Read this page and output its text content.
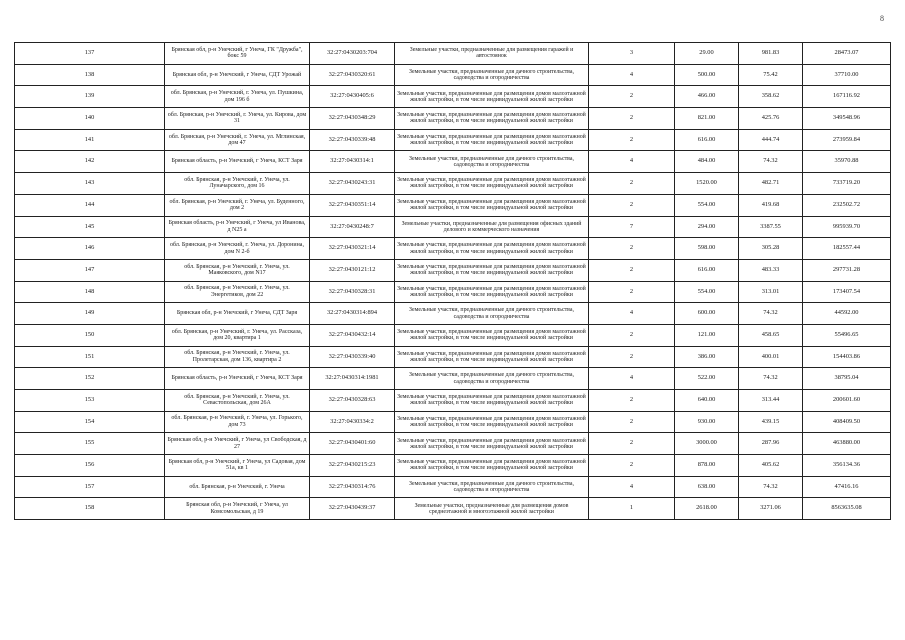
8
137	Брянская обл, р-н Унечский, г Унеча, ГК "Дружба", бокс 59	32:27:0430203:704	Земельные участки, предназначенные для размещения гаражей и автостоянок	3	29.00	981.83	28473.07
138	Брянская обл, р-н Унечский, г Унеча, СДТ Урожай	32:27:0430320:61	Земельные участки, предназначенные для дачного строительства, садоводства и огородничества	4	500.00	75.42	37710.00
139	обл. Брянская, р-н Унечский, г. Унеча, ул. Пушкина, дом 196 б	32:27:0430405:6	Земельные участки, предназначенные для размещения домов малоэтажной жилой застройки, в том числе индивидуальной жилой застройки	2	466.00	358.62	167116.92
140	обл. Брянская, р-н Унечский, г. Унеча, ул. Кирова, дом 31	32:27:0430348:29	Земельные участки, предназначенные для размещения домов малоэтажной жилой застройки, в том числе индивидуальной жилой застройки	2	821.00	425.76	349548.96
141	обл. Брянская, р-н Унечский, г. Унеча, ул. Мглинская, дом 47	32:27:0430339:48	Земельные участки, предназначенные для размещения домов малоэтажной жилой застройки, в том числе индивидуальной жилой застройки	2	616.00	444.74	273959.84
142	Брянская область, р-н Унечский, г Унеча, КСТ Заря	32:27:0430314:1	Земельные участки, предназначенные для дачного строительства, садоводства и огородничества	4	484.00	74.32	35970.88
143	обл. Брянская, р-н Унечский, г. Унеча, ул. Луначарского, дом 16	32:27:0430243:31	Земельные участки, предназначенные для размещения домов малоэтажной жилой застройки, в том числе индивидуальной жилой застройки	2	1520.00	482.71	733719.20
144	обл. Брянская, р-н Унечский, г. Унеча, ул. Буденного, дом 2	32:27:0430351:14	Земельные участки, предназначенные для размещения домов малоэтажной жилой застройки, в том числе индивидуальной жилой застройки	2	554.00	419.68	232502.72
145	Брянская область, р-н Унечский, г Унеча, ул Иванова, д N25 а	32:27:0430248:7	Земельные участки, предназначенные для размещения офисных зданий делового и коммерческого назначения	7	294.00	3387.55	995939.70
146	обл. Брянская, р-н Унечский, г. Унеча, ул. Доронина, дом N 2-б	32:27:0430321:14	Земельные участки, предназначенные для размещения домов малоэтажной жилой застройки, в том числе индивидуальной жилой застройки	2	598.00	305.28	182557.44
147	обл. Брянская, р-н Унечский, г. Унеча, ул. Маяковского, дом N17	32:27:0430121:12	Земельные участки, предназначенные для размещения домов малоэтажной жилой застройки, в том числе индивидуальной жилой застройки	2	616.00	483.33	297731.28
148	обл. Брянская, р-н Унечский, г. Унеча, ул. Энергетиков, дом 22	32:27:0430328:31	Земельные участки, предназначенные для размещения домов малоэтажной жилой застройки, в том числе индивидуальной жилой застройки	2	554.00	313.01	173407.54
149	Брянская обл, р-н Унечский, г Унеча, СДТ Заря	32:27:0430314:894	Земельные участки, предназначенные для дачного строительства, садоводства и огородничества	4	600.00	74.32	44592.00
150	обл. Брянская, р-н Унечский, г. Унеча, ул. Рассказа, дом 20, квартира 1	32:27:0430432:14	Земельные участки, предназначенные для размещения домов малоэтажной жилой застройки, в том числе индивидуальной жилой застройки	2	121.00	458.65	55496.65
151	обл. Брянская, р-н Унечский, г. Унеча, ул. Пролетарская, дом 136, квартира 2	32:27:0430339:40	Земельные участки, предназначенные для размещения домов малоэтажной жилой застройки, в том числе индивидуальной жилой застройки	2	386.00	400.01	154403.86
152	Брянская область, р-н Унечский, г Унеча, КСТ Заря	32:27:0430314:1981	Земельные участки, предназначенные для дачного строительства, садоводства и огородничества	4	522.00	74.32	38795.04
153	обл. Брянская, р-н Унечский, г. Унеча, ул. Севастопольская, дом 26А	32:27:0430328:63	Земельные участки, предназначенные для размещения домов малоэтажной жилой застройки, в том числе индивидуальной жилой застройки	2	640.00	313.44	200601.60
154	обл. Брянская, р-н Унечский, г. Унеча, ул. Горького, дом 73	32:27:0430334:2	Земельные участки, предназначенные для размещения домов малоэтажной жилой застройки, в том числе индивидуальной жилой застройки	2	930.00	439.15	408409.50
155	Брянская обл, р-н Унечский, г Унеча, ул Свободская, д 27	32:27:0430401:60	Земельные участки, предназначенные для размещения домов малоэтажной жилой застройки, в том числе индивидуальной жилой застройки	2	3000.00	287.96	463880.00
156	Брянская обл, р-н Унечский, г Унеча, ул Садовая, дом 51а, кв 1	32:27:0430215:23	Земельные участки, предназначенные для размещения домов малоэтажной жилой застройки, в том числе индивидуальной жилой застройки	2	878.00	405.62	356134.36
157	обл. Брянская, р-н Унечский, г. Унеча	32:27:0430314:76	Земельные участки, предназначенные для дачного строительства, садоводства и огородничества	4	638.00	74.32	47416.16
158	Брянская обл, р-н Унечский, г Унеча, ул Комсомольская, д 19	32:27:0430439:37	Земельные участки, предназначенные для размещения домов среднеэтажной и многоэтажной жилой застройки	1	2618.00	3271.06	8563635.08
